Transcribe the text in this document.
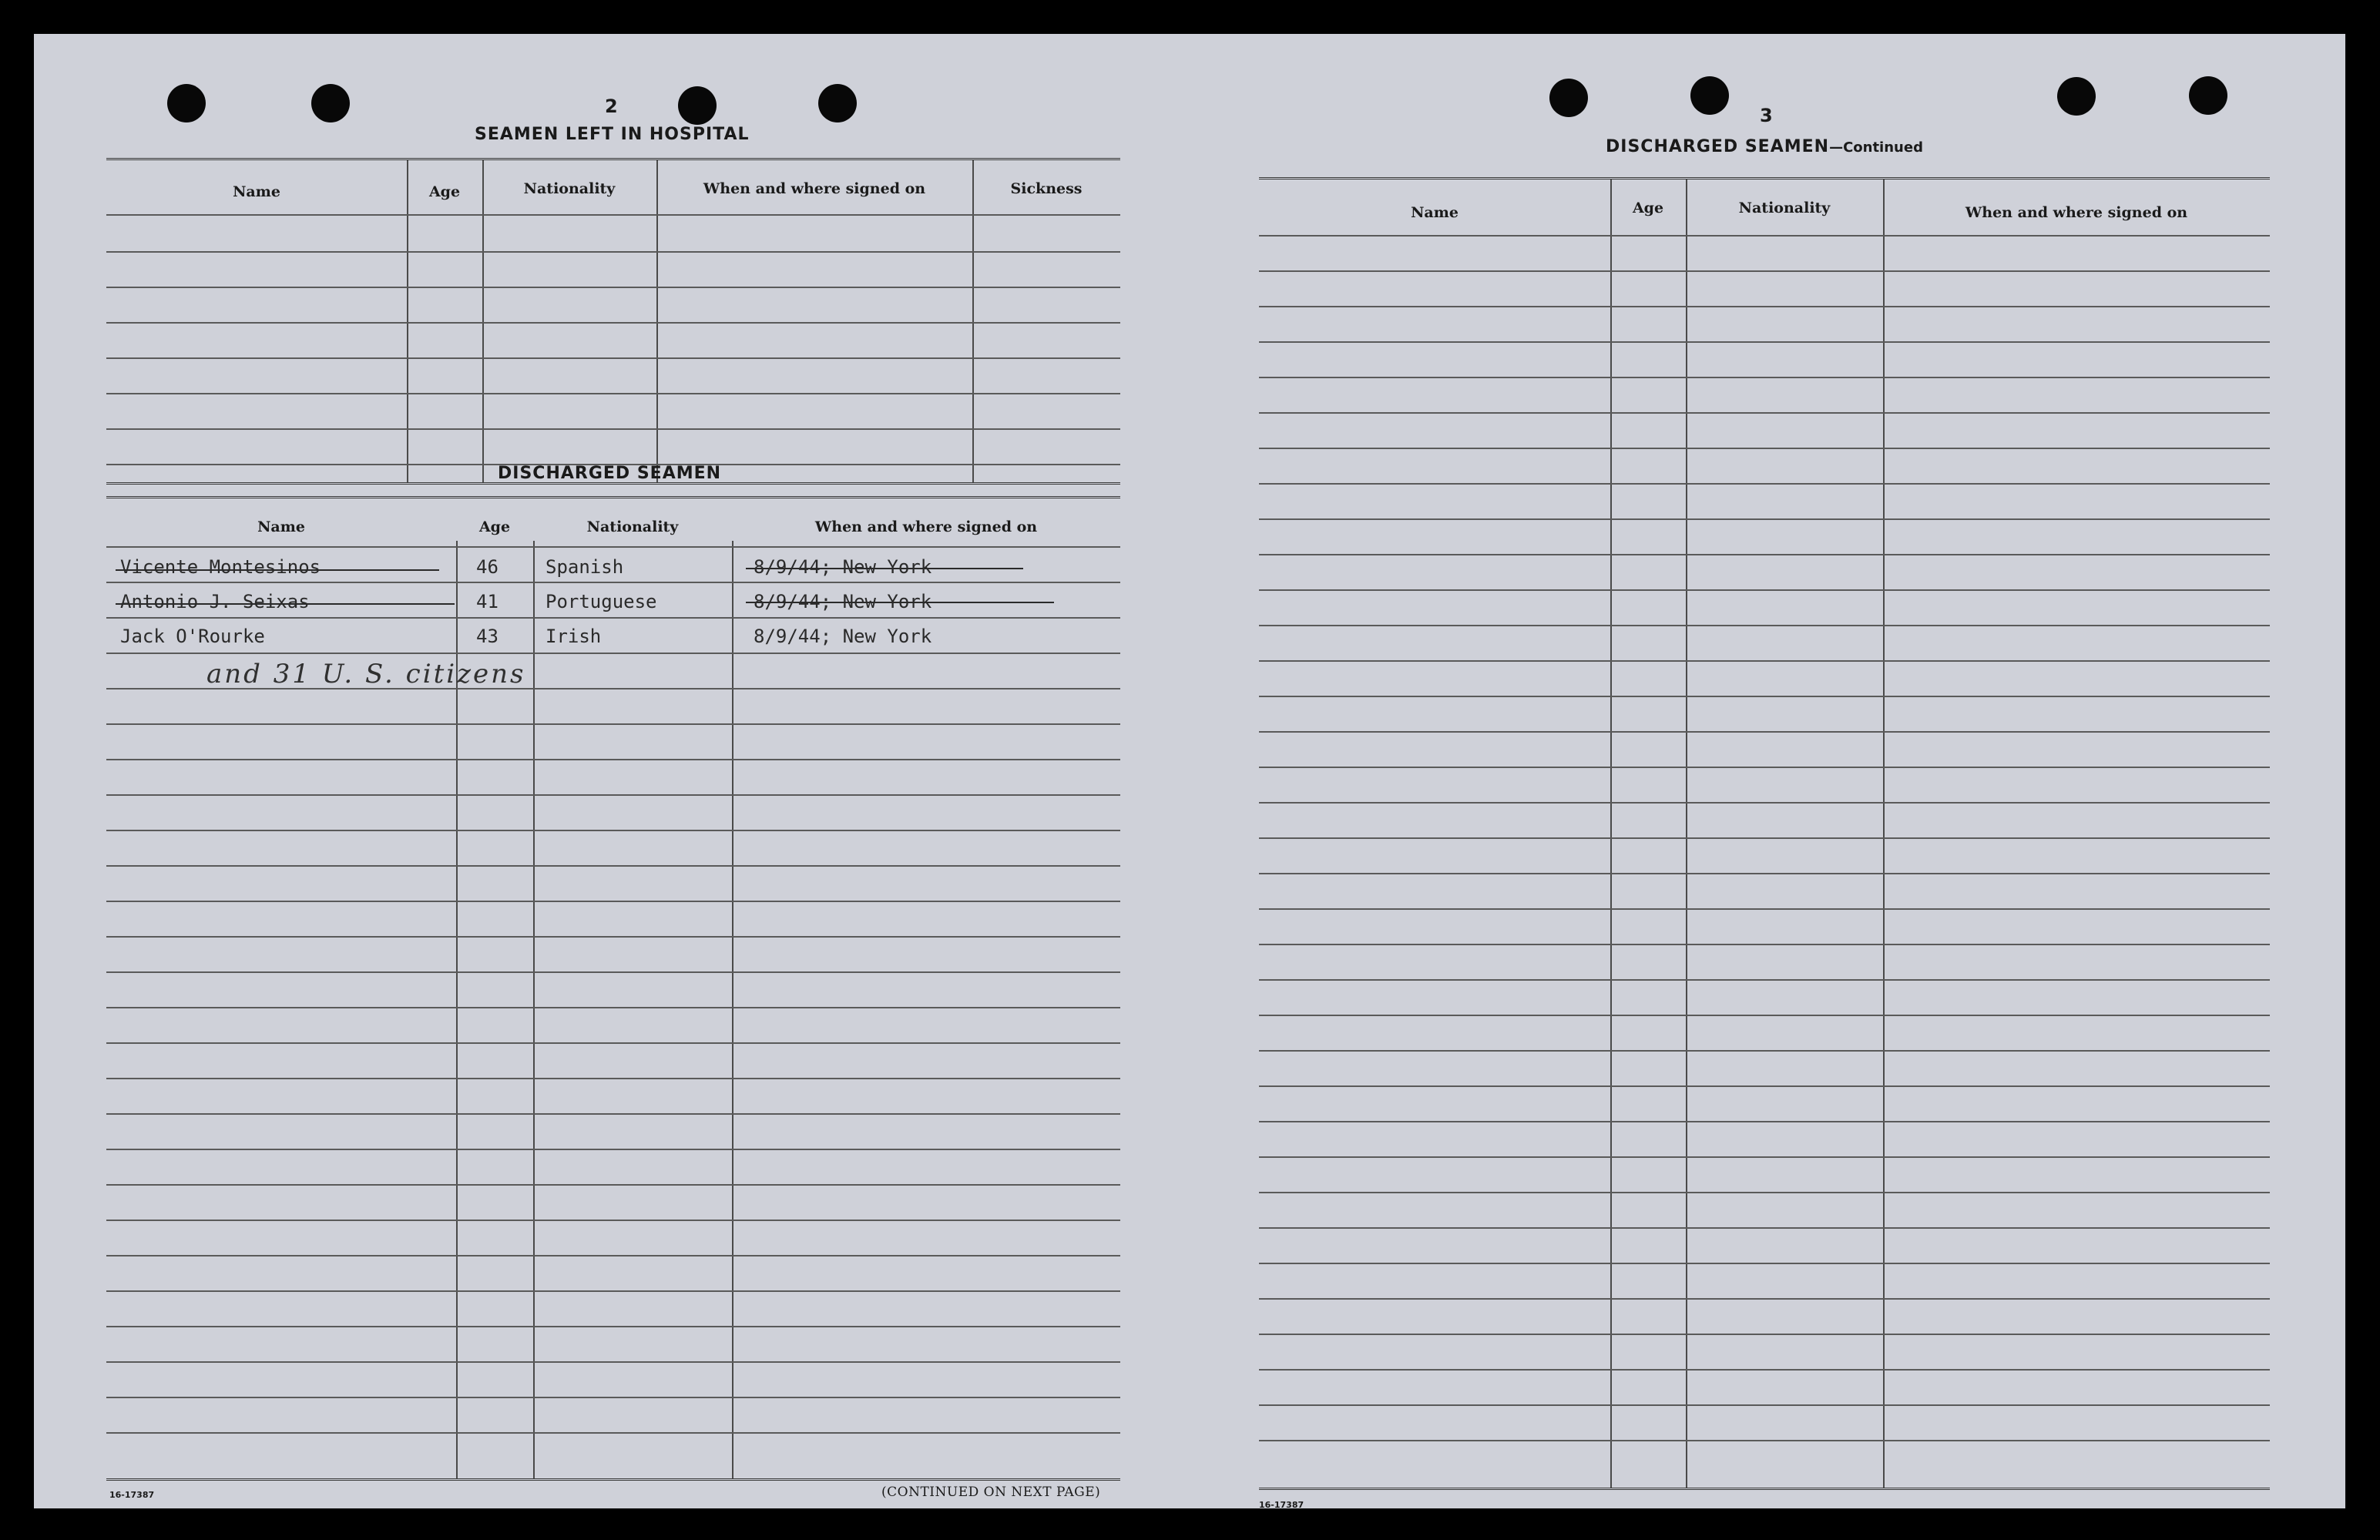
2
SEAMEN LEFT IN HOSPITAL
Name	Age	Nationality	When and where signed on	Sickness
DISCHARGED SEAMEN
Name	Age	Nationality	When and where signed on
Vicente Montesinos	46	Spanish	8/9/44; New York
Antonio J. Seixas	41	Portuguese	8/9/44; New York
Jack O'Rourke	43	Irish	8/9/44; New York
and 31 U. S. citizens
16-17387	(CONTINUED ON NEXT PAGE)
3
DISCHARGED SEAMEN—Continued
Name	Age	Nationality	When and where signed on
16-17387
